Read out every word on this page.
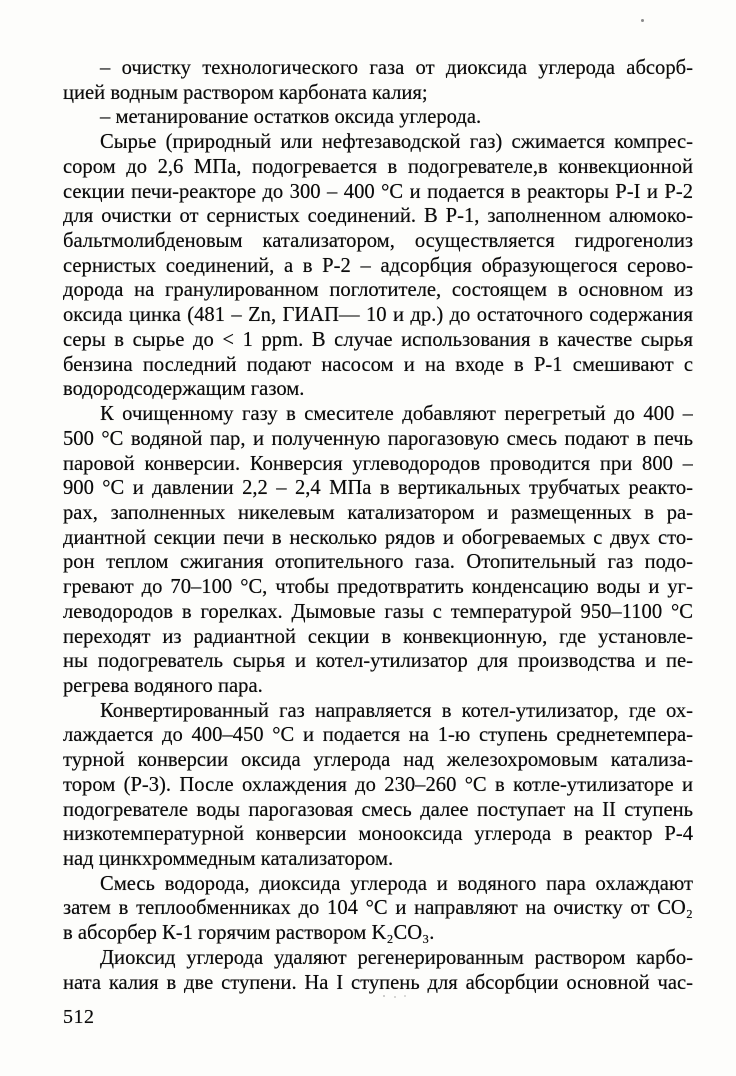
– очистку технологического газа от диоксида углерода абсорб-
цией водным раствором карбоната калия;
– метанирование остатков оксида углерода.
Сырье (природный или нефтезаводской газ) сжимается компрес-
сором до 2,6 МПа, подогревается в подогревателе,в конвекционной
секции печи-реакторе до 300 – 400 °С и подается в реакторы Р-I и Р-2
для очистки от сернистых соединений. В Р-1, заполненном алюмоко-
бальтмолибденовым катализатором, осуществляется гидрогенолиз
сернистых соединений, а в Р-2 – адсорбция образующегося серово-
дорода на гранулированном поглотителе, состоящем в основном из
оксида цинка (481 – Zn, ГИАП— 10 и др.) до остаточного содержания
серы в сырье до < 1 ppm. В случае использования в качестве сырья
бензина последний подают насосом и на входе в Р-1 смешивают с
водородсодержащим газом.
К очищенному газу в смесителе добавляют перегретый до 400 –
500 °С водяной пар, и полученную парогазовую смесь подают в печь
паровой конверсии. Конверсия углеводородов проводится при 800 –
900 °С и давлении 2,2 – 2,4 МПа в вертикальных трубчатых реакто-
рах, заполненных никелевым катализатором и размещенных в ра-
диантной секции печи в несколько рядов и обогреваемых с двух сто-
рон теплом сжигания отопительного газа. Отопительный газ подо-
гревают до 70–100 °С, чтобы предотвратить конденсацию воды и уг-
леводородов в горелках. Дымовые газы с температурой 950–1100 °С
переходят из радиантной секции в конвекционную, где установле-
ны подогреватель сырья и котел-утилизатор для производства и пе-
регрева водяного пара.
Конвертированный газ направляется в котел-утилизатор, где ох-
лаждается до 400–450 °С и подается на 1-ю ступень среднетемпера-
турной конверсии оксида углерода над железохромовым катализа-
тором (Р-3). После охлаждения до 230–260 °С в котле-утилизаторе и
подогревателе воды парогазовая смесь далее поступает на II ступень
низкотемпературной конверсии монооксида углерода в реактор Р-4
над цинкхроммедным катализатором.
Смесь водорода, диоксида углерода и водяного пара охлаждают
затем в теплообменниках до 104 °С и направляют на очистку от CO₂
в абсорбер К-1 горячим раствором K₂CO₃.
Диоксид углерода удаляют регенерированным раствором карбо-
ната калия в две ступени. На I ступень для абсорбции основной час-
512
